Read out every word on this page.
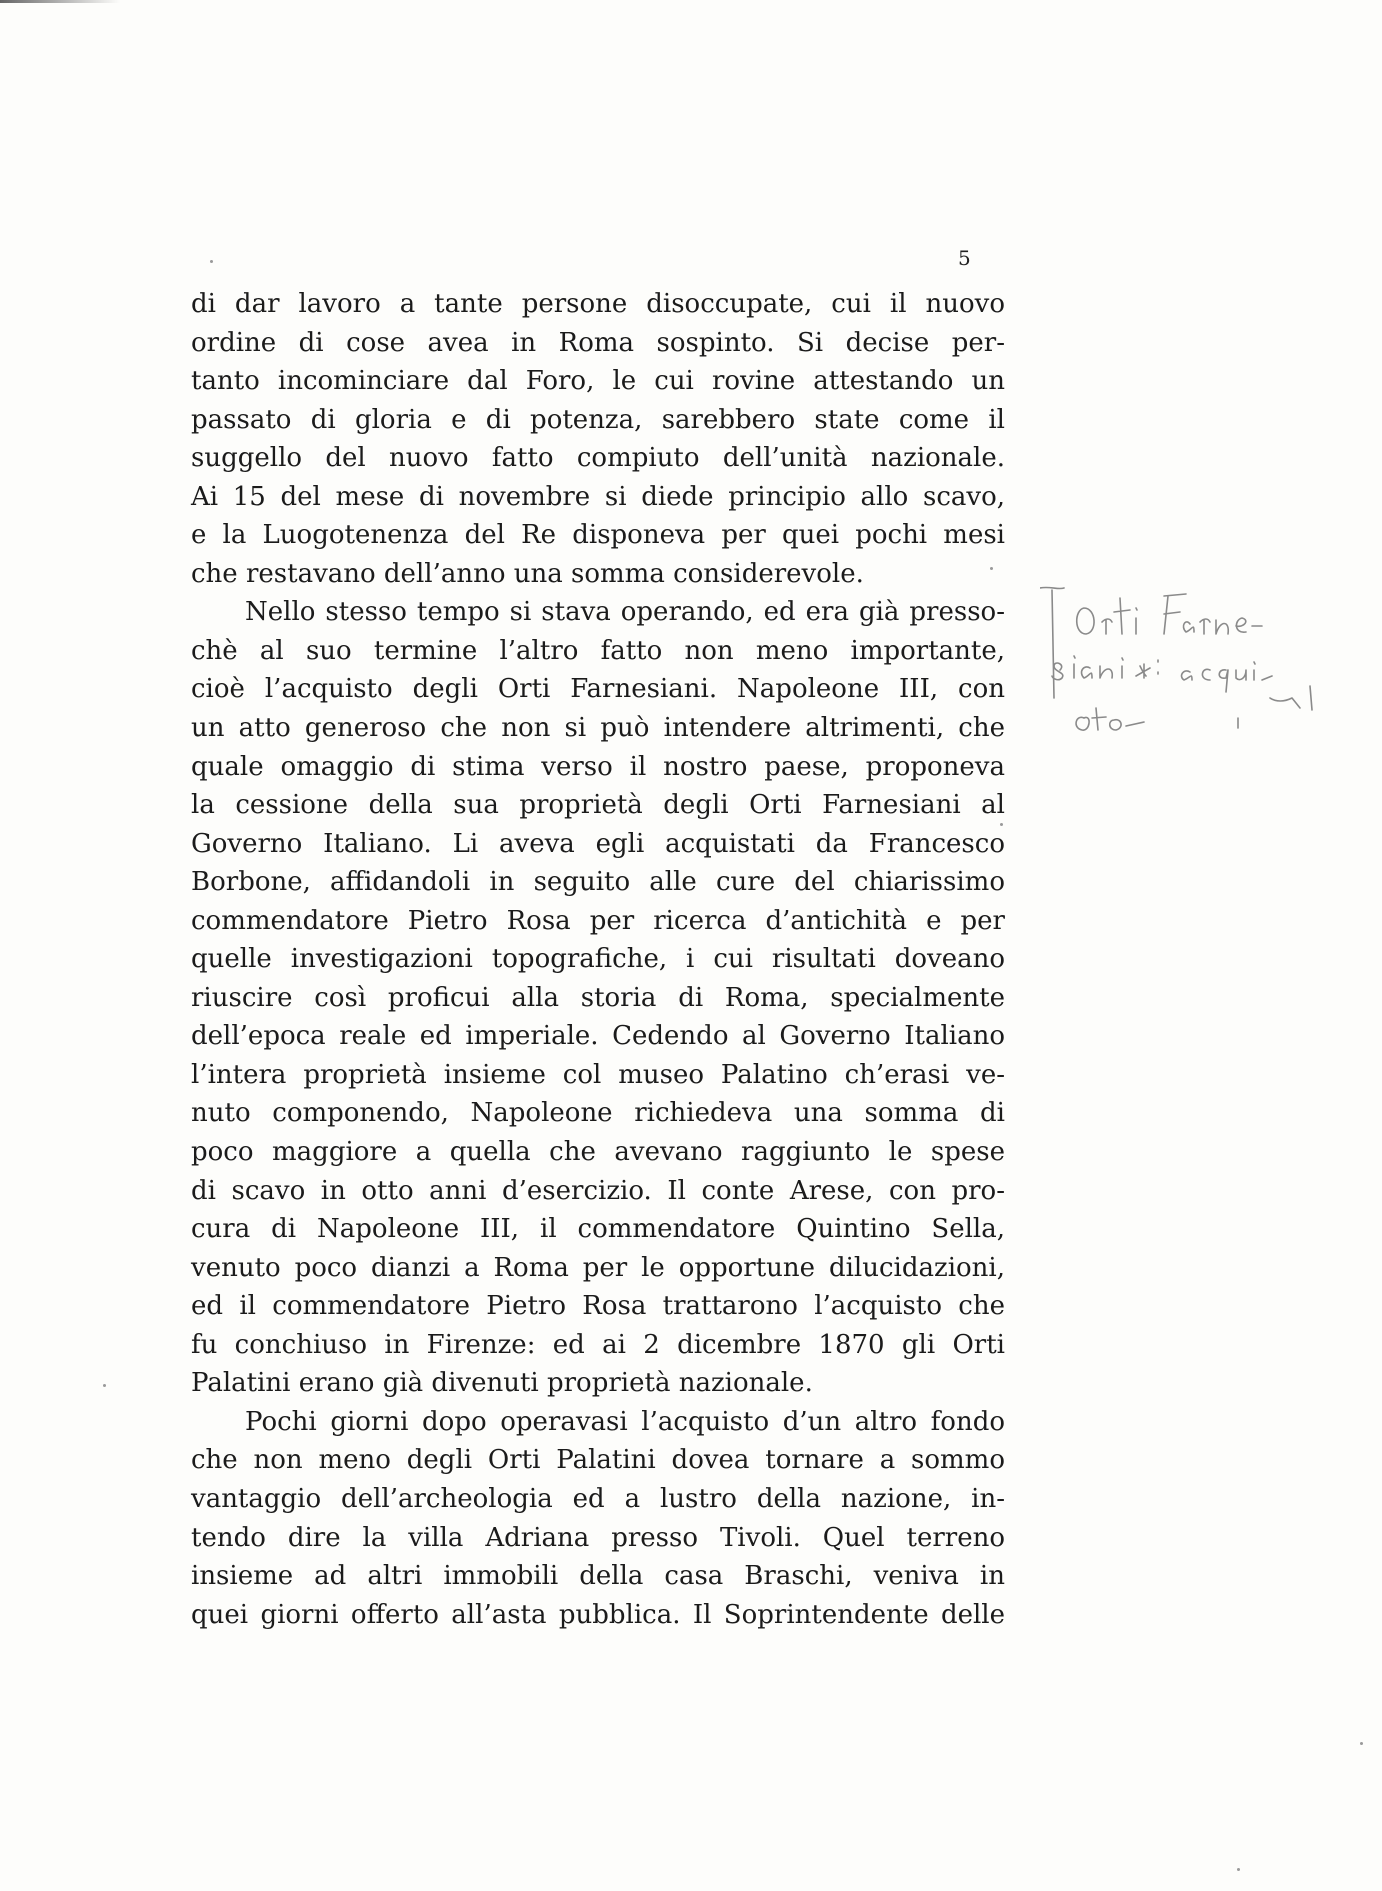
5
di dar lavoro a tante persone disoccupate, cui il nuovo
ordine di cose avea in Roma sospinto. Si decise per-
tanto incominciare dal Foro, le cui rovine attestando un
passato di gloria e di potenza, sarebbero state come il
suggello del nuovo fatto compiuto dell’unità nazionale.
Ai 15 del mese di novembre si diede principio allo scavo,
e la Luogotenenza del Re disponeva per quei pochi mesi
che restavano dell’anno una somma considerevole.
Nello stesso tempo si stava operando, ed era già presso-
chè al suo termine l’altro fatto non meno importante,
cioè l’acquisto degli Orti Farnesiani. Napoleone III, con
un atto generoso che non si può intendere altrimenti, che
quale omaggio di stima verso il nostro paese, proponeva
la cessione della sua proprietà degli Orti Farnesiani al
Governo Italiano. Li aveva egli acquistati da Francesco
Borbone, affidandoli in seguito alle cure del chiarissimo
commendatore Pietro Rosa per ricerca d’antichità e per
quelle investigazioni topografiche, i cui risultati doveano
riuscire così proficui alla storia di Roma, specialmente
dell’epoca reale ed imperiale. Cedendo al Governo Italiano
l’intera proprietà insieme col museo Palatino ch’erasi ve-
nuto componendo, Napoleone richiedeva una somma di
poco maggiore a quella che avevano raggiunto le spese
di scavo in otto anni d’esercizio. Il conte Arese, con pro-
cura di Napoleone III, il commendatore Quintino Sella,
venuto poco dianzi a Roma per le opportune dilucidazioni,
ed il commendatore Pietro Rosa trattarono l’acquisto che
fu conchiuso in Firenze: ed ai 2 dicembre 1870 gli Orti
Palatini erano già divenuti proprietà nazionale.
Pochi giorni dopo operavasi l’acquisto d’un altro fondo
che non meno degli Orti Palatini dovea tornare a sommo
vantaggio dell’archeologia ed a lustro della nazione, in-
tendo dire la villa Adriana presso Tivoli. Quel terreno
insieme ad altri immobili della casa Braschi, veniva in
quei giorni offerto all’asta pubblica. Il Soprintendente delle
